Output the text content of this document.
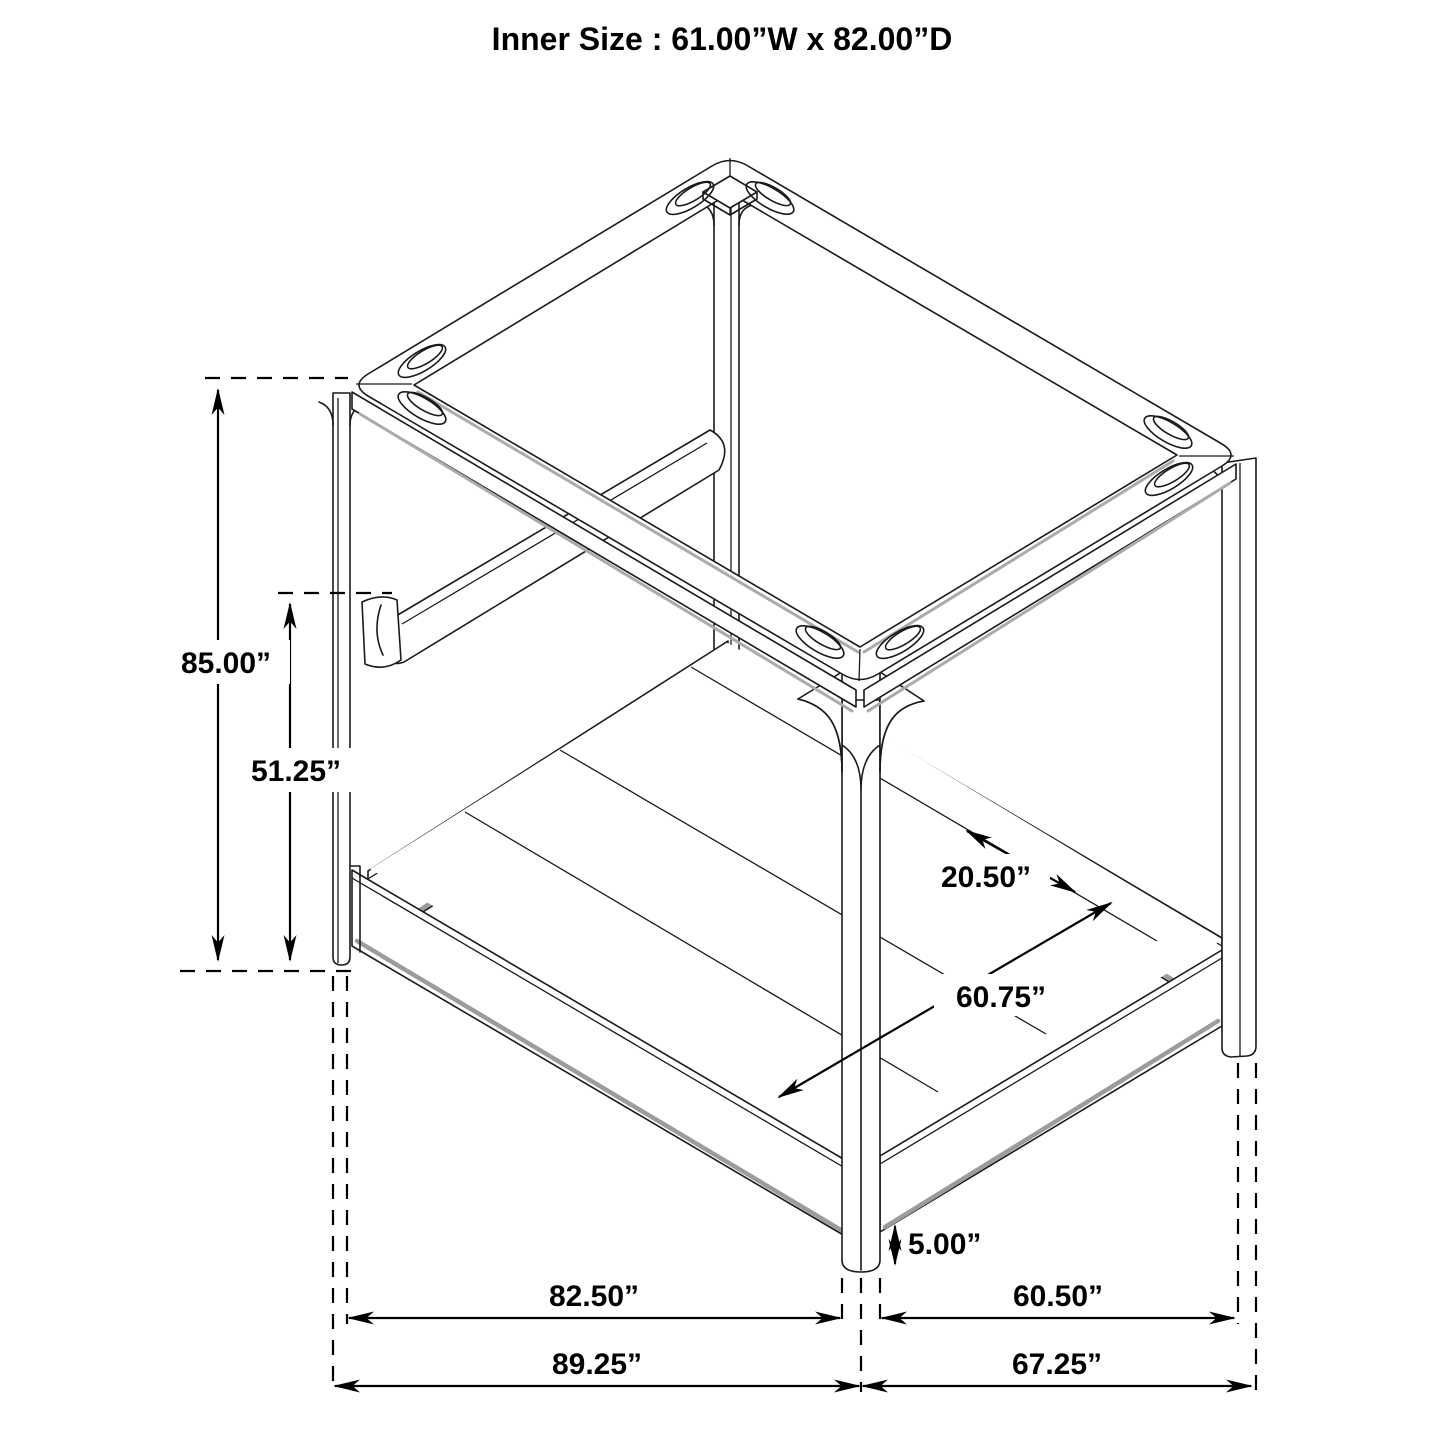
85.00”
51.25”
20.50”
60.75”
5.00”
82.50”	60.50”
89.25”	67.25”
Inner Size : 61.00”W x 82.00”D
